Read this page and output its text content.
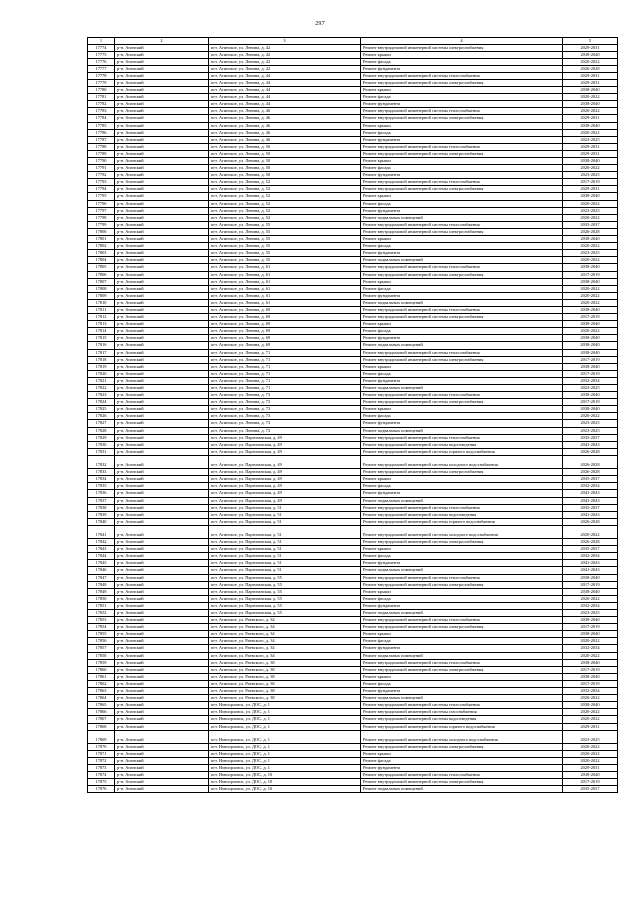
297
1	2	3	4	5
17774	р-н. Агинский	пгт. Агинское, ул. Ленина, д. 42	Ремонт внутридомовой инженерной системы электроснабжения	2029-2031
17775	р-н. Агинский	пгт. Агинское, ул. Ленина, д. 42	Ремонт крыши	2038-2040
17776	р-н. Агинский	пгт. Агинское, ул. Ленина, д. 42	Ремонт фасада	2020-2022
17777	р-н. Агинский	пгт. Агинское, ул. Ленина, д. 42	Ремонт фундамента	2026-2028
17778	р-н. Агинский	пгт. Агинское, ул. Ленина, д. 44	Ремонт внутридомовой инженерной системы теплоснабжения	2029-2031
17779	р-н. Агинский	пгт. Агинское, ул. Ленина, д. 44	Ремонт внутридомовой инженерной системы электроснабжения	2029-2031
17780	р-н. Агинский	пгт. Агинское, ул. Ленина, д. 44	Ремонт крыши	2038-2040
17781	р-н. Агинский	пгт. Агинское, ул. Ленина, д. 44	Ремонт фасада	2020-2022
17782	р-н. Агинский	пгт. Агинское, ул. Ленина, д. 44	Ремонт фундамента	2038-2040
17783	р-н. Агинский	пгт. Агинское, ул. Ленина, д. 46	Ремонт внутридомовой инженерной системы теплоснабжения	2020-2022
17784	р-н. Агинский	пгт. Агинское, ул. Ленина, д. 46	Ремонт внутридомовой инженерной системы электроснабжения	2029-2031
17785	р-н. Агинский	пгт. Агинское, ул. Ленина, д. 46	Ремонт крыши	2038-2040
17786	р-н. Агинский	пгт. Агинское, ул. Ленина, д. 46	Ремонт фасада	2020-2022
17787	р-н. Агинский	пгт. Агинское, ул. Ленина, д. 46	Ремонт фундамента	2023-2025
17788	р-н. Агинский	пгт. Агинское, ул. Ленина, д. 50	Ремонт внутридомовой инженерной системы теплоснабжения	2029-2031
17789	р-н. Агинский	пгт. Агинское, ул. Ленина, д. 50	Ремонт внутридомовой инженерной системы электроснабжения	2029-2031
17790	р-н. Агинский	пгт. Агинское, ул. Ленина, д. 50	Ремонт крыши	2038-2040
17791	р-н. Агинский	пгт. Агинское, ул. Ленина, д. 50	Ремонт фасада	2020-2022
17792	р-н. Агинский	пгт. Агинское, ул. Ленина, д. 50	Ремонт фундамента	2023-2025
17793	р-н. Агинский	пгт. Агинское, ул. Ленина, д. 52	Ремонт внутридомовой инженерной системы теплоснабжения	2017-2019
17794	р-н. Агинский	пгт. Агинское, ул. Ленина, д. 52	Ремонт внутридомовой инженерной системы электроснабжения	2029-2031
17795	р-н. Агинский	пгт. Агинское, ул. Ленина, д. 52	Ремонт крыши	2038-2040
17796	р-н. Агинский	пгт. Агинское, ул. Ленина, д. 52	Ремонт фасада	2020-2022
17797	р-н. Агинский	пгт. Агинское, ул. Ленина, д. 52	Ремонт фундамента	2023-2025
17798	р-н. Агинский	пгт. Агинское, ул. Ленина, д. 52	Ремонт подвальных помещений	2020-2022
17799	р-н. Агинский	пгт. Агинское, ул. Ленина, д. 55	Ремонт внутридомовой инженерной системы теплоснабжения	2035-2037
17800	р-н. Агинский	пгт. Агинское, ул. Ленина, д. 55	Ремонт внутридомовой инженерной системы электроснабжения	2026-2028
17801	р-н. Агинский	пгт. Агинское, ул. Ленина, д. 55	Ремонт крыши	2038-2040
17802	р-н. Агинский	пгт. Агинское, ул. Ленина, д. 55	Ремонт фасада	2020-2022
17803	р-н. Агинский	пгт. Агинское, ул. Ленина, д. 55	Ремонт фундамента	2023-2025
17804	р-н. Агинский	пгт. Агинское, ул. Ленина, д. 55	Ремонт подвальных помещений	2020-2022
17805	р-н. Агинский	пгт. Агинское, ул. Ленина, д. 61	Ремонт внутридомовой инженерной системы теплоснабжения	2038-2040
17806	р-н. Агинский	пгт. Агинское, ул. Ленина, д. 61	Ремонт внутридомовой инженерной системы электроснабжения	2017-2019
17807	р-н. Агинский	пгт. Агинское, ул. Ленина, д. 61	Ремонт крыши	2038-2040
17808	р-н. Агинский	пгт. Агинское, ул. Ленина, д. 61	Ремонт фасада	2020-2022
17809	р-н. Агинский	пгт. Агинское, ул. Ленина, д. 61	Ремонт фундамента	2020-2022
17810	р-н. Агинский	пгт. Агинское, ул. Ленина, д. 61	Ремонт подвальных помещений	2020-2022
17811	р-н. Агинский	пгт. Агинское, ул. Ленина, д. 69	Ремонт внутридомовой инженерной системы теплоснабжения	2038-2040
17812	р-н. Агинский	пгт. Агинское, ул. Ленина, д. 69	Ремонт внутридомовой инженерной системы электроснабжения	2017-2019
17813	р-н. Агинский	пгт. Агинское, ул. Ленина, д. 69	Ремонт крыши	2038-2040
17814	р-н. Агинский	пгт. Агинское, ул. Ленина, д. 69	Ремонт фасада	2020-2022
17815	р-н. Агинский	пгт. Агинское, ул. Ленина, д. 69	Ремонт фундамента	2038-2040
17816	р-н. Агинский	пгт. Агинское, ул. Ленина, д. 69	Ремонт подвальных помещений	2038-2040
17817	р-н. Агинский	пгт. Агинское, ул. Ленина, д. 71	Ремонт внутридомовой инженерной системы теплоснабжения	2038-2040
17818	р-н. Агинский	пгт. Агинское, ул. Ленина, д. 71	Ремонт внутридомовой инженерной системы электроснабжения	2017-2019
17819	р-н. Агинский	пгт. Агинское, ул. Ленина, д. 71	Ремонт крыши	2038-2040
17820	р-н. Агинский	пгт. Агинское, ул. Ленина, д. 71	Ремонт фасада	2017-2019
17821	р-н. Агинский	пгт. Агинское, ул. Ленина, д. 71	Ремонт фундамента	2032-2034
17822	р-н. Агинский	пгт. Агинское, ул. Ленина, д. 71	Ремонт подвальных помещений	2023-2025
17823	р-н. Агинский	пгт. Агинское, ул. Ленина, д. 73	Ремонт внутридомовой инженерной системы теплоснабжения	2038-2040
17824	р-н. Агинский	пгт. Агинское, ул. Ленина, д. 73	Ремонт внутридомовой инженерной системы электроснабжения	2017-2019
17825	р-н. Агинский	пгт. Агинское, ул. Ленина, д. 73	Ремонт крыши	2038-2040
17826	р-н. Агинский	пгт. Агинское, ул. Ленина, д. 73	Ремонт фасада	2020-2022
17827	р-н. Агинский	пгт. Агинское, ул. Ленина, д. 73	Ремонт фундамента	2023-2025
17828	р-н. Агинский	пгт. Агинское, ул. Ленина, д. 73	Ремонт подвальных помещений	2023-2025
17829	р-н. Агинский	пгт. Агинское, ул. Партизанская, д. 49	Ремонт внутридомовой инженерной системы теплоснабжения	2035-2037
17830	р-н. Агинский	пгт. Агинское, ул. Партизанская, д. 49	Ремонт внутридомовой инженерной системы водоотведения	2041-2043
17831	р-н. Агинский	пгт. Агинское, ул. Партизанская, д. 49	Ремонт внутридомовой инженерной системы горячего водоснабжения	2026-2028
17832	р-н. Агинский	пгт. Агинское, ул. Партизанская, д. 49	Ремонт внутридомовой инженерной системы холодного водоснабжения	2026-2028
17833	р-н. Агинский	пгт. Агинское, ул. Партизанская, д. 49	Ремонт внутридомовой инженерной системы электроснабжения	2026-2028
17834	р-н. Агинский	пгт. Агинское, ул. Партизанская, д. 49	Ремонт крыши	2035-2037
17835	р-н. Агинский	пгт. Агинское, ул. Партизанская, д. 49	Ремонт фасада	2032-2034
17836	р-н. Агинский	пгт. Агинское, ул. Партизанская, д. 49	Ремонт фундамента	2041-2043
17837	р-н. Агинский	пгт. Агинское, ул. Партизанская, д. 49	Ремонт подвальных помещений	2041-2043
17838	р-н. Агинский	пгт. Агинское, ул. Партизанская, д. 51	Ремонт внутридомовой инженерной системы теплоснабжения	2035-2037
17839	р-н. Агинский	пгт. Агинское, ул. Партизанская, д. 51	Ремонт внутридомовой инженерной системы водоотведения	2041-2043
17840	р-н. Агинский	пгт. Агинское, ул. Партизанская, д. 51	Ремонт внутридомовой инженерной системы горячего водоснабжения	2026-2028
17841	р-н. Агинский	пгт. Агинское, ул. Партизанская, д. 51	Ремонт внутридомовой инженерной системы холодного водоснабжения	2020-2022
17842	р-н. Агинский	пгт. Агинское, ул. Партизанская, д. 51	Ремонт внутридомовой инженерной системы электроснабжения	2026-2028
17843	р-н. Агинский	пгт. Агинское, ул. Партизанская, д. 51	Ремонт крыши	2035-2037
17844	р-н. Агинский	пгт. Агинское, ул. Партизанская, д. 51	Ремонт фасада	2032-2034
17845	р-н. Агинский	пгт. Агинское, ул. Партизанская, д. 51	Ремонт фундамента	2041-2043
17846	р-н. Агинский	пгт. Агинское, ул. Партизанская, д. 51	Ремонт подвальных помещений	2041-2043
17847	р-н. Агинский	пгт. Агинское, ул. Партизанская, д. 55	Ремонт внутридомовой инженерной системы теплоснабжения	2038-2040
17848	р-н. Агинский	пгт. Агинское, ул. Партизанская, д. 55	Ремонт внутридомовой инженерной системы электроснабжения	2017-2019
17849	р-н. Агинский	пгт. Агинское, ул. Партизанская, д. 55	Ремонт крыши	2038-2040
17850	р-н. Агинский	пгт. Агинское, ул. Партизанская, д. 55	Ремонт фасада	2020-2022
17851	р-н. Агинский	пгт. Агинское, ул. Партизанская, д. 55	Ремонт фундамента	2032-2034
17852	р-н. Агинский	пгт. Агинское, ул. Партизанская, д. 55	Ремонт подвальных помещений	2023-2025
17853	р-н. Агинский	пгт. Агинское, ул. Раевского, д. 34	Ремонт внутридомовой инженерной системы теплоснабжения	2038-2040
17854	р-н. Агинский	пгт. Агинское, ул. Раевского, д. 34	Ремонт внутридомовой инженерной системы электроснабжения	2017-2019
17855	р-н. Агинский	пгт. Агинское, ул. Раевского, д. 34	Ремонт крыши	2038-2040
17856	р-н. Агинский	пгт. Агинское, ул. Раевского, д. 34	Ремонт фасада	2020-2022
17857	р-н. Агинский	пгт. Агинское, ул. Раевского, д. 34	Ремонт фундамента	2032-2034
17858	р-н. Агинский	пгт. Агинское, ул. Раевского, д. 34	Ремонт подвальных помещений	2020-2022
17859	р-н. Агинский	пгт. Агинское, ул. Раевского, д. 38	Ремонт внутридомовой инженерной системы теплоснабжения	2038-2040
17860	р-н. Агинский	пгт. Агинское, ул. Раевского, д. 38	Ремонт внутридомовой инженерной системы электроснабжения	2017-2019
17861	р-н. Агинский	пгт. Агинское, ул. Раевского, д. 38	Ремонт крыши	2038-2040
17862	р-н. Агинский	пгт. Агинское, ул. Раевского, д. 38	Ремонт фасада	2017-2019
17863	р-н. Агинский	пгт. Агинское, ул. Раевского, д. 38	Ремонт фундамента	2032-2034
17864	р-н. Агинский	пгт. Агинское, ул. Раевского, д. 38	Ремонт подвальных помещений	2020-2022
17865	р-н. Агинский	пгт. Новоорловск, ул. ДОС, д. 1	Ремонт внутридомовой инженерной системы теплоснабжения	2038-2040
17866	р-н. Агинский	пгт. Новоорловск, ул. ДОС, д. 1	Ремонт внутридомовой инженерной системы газоснабжения	2020-2022
17867	р-н. Агинский	пгт. Новоорловск, ул. ДОС, д. 1	Ремонт внутридомовой инженерной системы водоотведения	2020-2022
17868	р-н. Агинский	пгт. Новоорловск, ул. ДОС, д. 1	Ремонт внутридомовой инженерной системы горячего водоснабжения	2029-2031
17869	р-н. Агинский	пгт. Новоорловск, ул. ДОС, д. 1	Ремонт внутридомовой инженерной системы холодного водоснабжения	2023-2025
17870	р-н. Агинский	пгт. Новоорловск, ул. ДОС, д. 1	Ремонт внутридомовой инженерной системы электроснабжения	2020-2022
17871	р-н. Агинский	пгт. Новоорловск, ул. ДОС, д. 1	Ремонт крыши	2020-2022
17872	р-н. Агинский	пгт. Новоорловск, ул. ДОС, д. 1	Ремонт фасада	2020-2022
17873	р-н. Агинский	пгт. Новоорловск, ул. ДОС, д. 1	Ремонт фундамента	2029-2031
17874	р-н. Агинский	пгт. Новоорловск, ул. ДОС, д. 10	Ремонт внутридомовой инженерной системы теплоснабжения	2038-2040
17875	р-н. Агинский	пгт. Новоорловск, ул. ДОС, д. 10	Ремонт внутридомовой инженерной системы электроснабжения	2017-2019
17876	р-н. Агинский	пгт. Новоорловск, ул. ДОС, д. 10	Ремонт подвальных помещений	2035-2037
